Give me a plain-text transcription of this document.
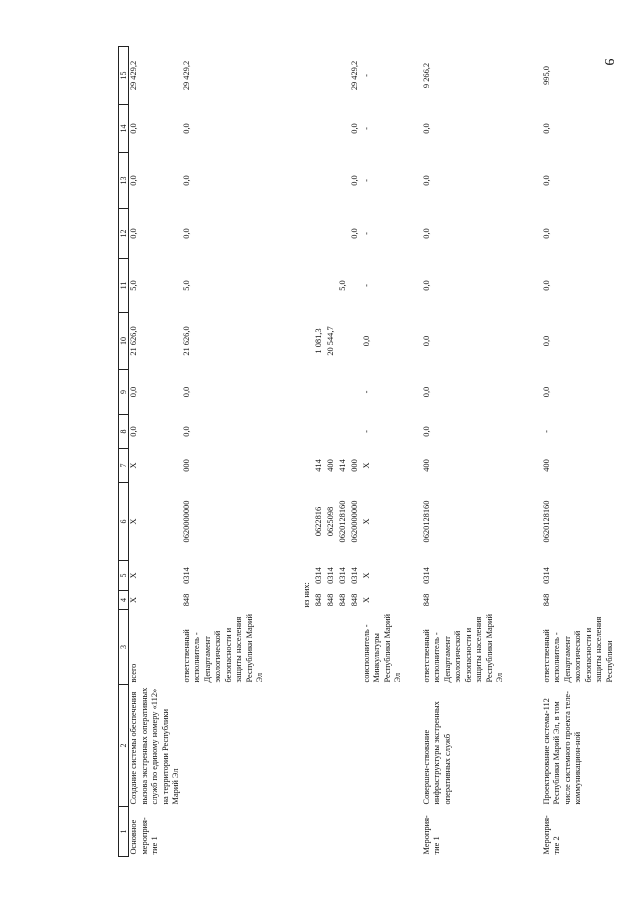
9
1	2	3	4	5	6	7	8	9	10	11	12	13	14	15
Основное мероприя-тие 1	Создание системы обеспечения вызова экстренных оперативных служб по единому номеру «112» на территории Республики Марий Эл	всего	X	X	X	X	0,0	0,0	21 626,0	5,0	0,0	0,0	0,0	29 429,2
		ответственный исполнитель - Департамент экологической безопасности и защиты населения Республики Марий Эл	848	0314	0620000000	000	0,0	0,0	21 626,0	5,0	0,0	0,0	0,0	29 429,2
			из них:											
			848	0314	0622816	414			1 081,3					
			848	0314	0625098	400			20 544,7					
			848	0314	0620128160	414				5,0				
			848	0314	0620000000	000					0,0	0,0	0,0	29 429,2
		соисполнитель - Минкультуры Республики Марий Эл	X	X	X	X	-	-	0,0	-	-	-	-	-
Мероприя-тие 1	Совершен-ствование инфраструктуры экстренных оперативных служб	ответственный исполнитель - Департамент экологической безопасности и защиты населения Республики Марий Эл	848	0314	0620128160	400	0,0	0,0	0,0	0,0	0,0	0,0	0,0	9 266,2
Мероприя-тие 2	Проектирование системы-112 Республики Марий Эл, в том числе системного проекта теле-коммуникацион-ной	ответственный исполнитель - Департамент экологической безопасности и защиты населения Республики	848	0314	0620128160	400	-	0,0	0,0	0,0	0,0	0,0	0,0	995,0
